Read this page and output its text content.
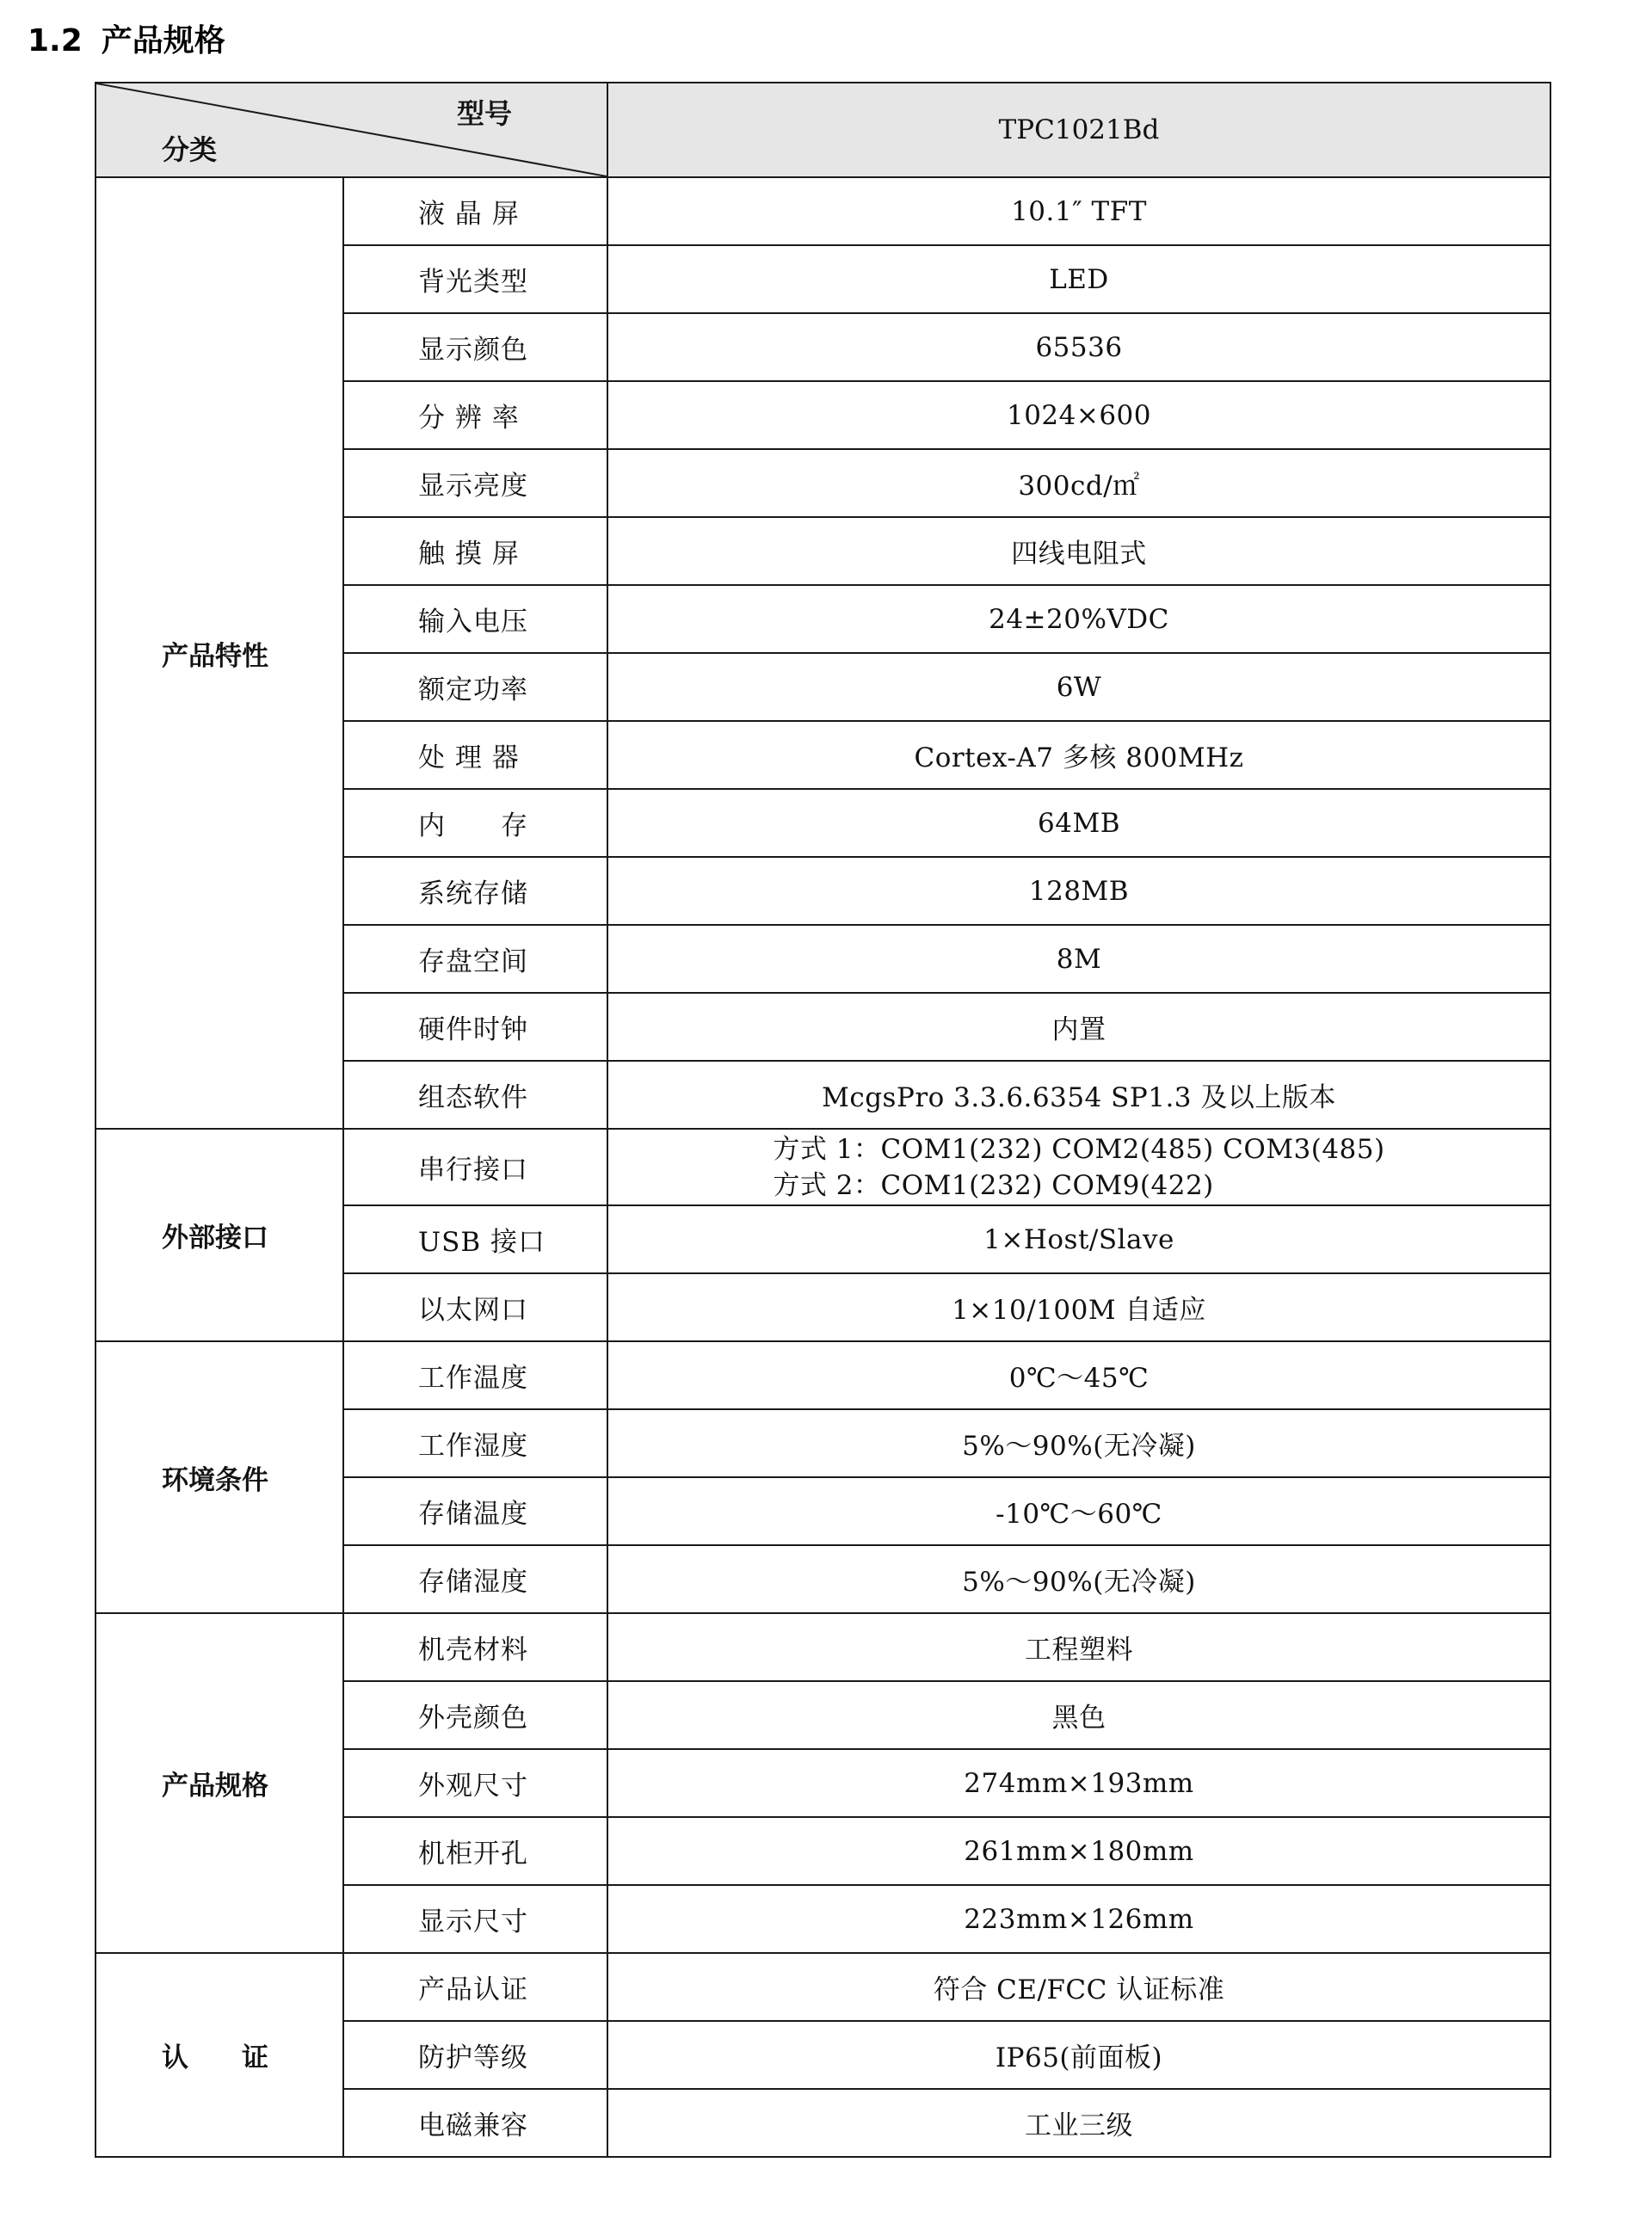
1.2 产品规格
型号
分类		TPC1021Bd
产品特性	液 晶 屏	10.1″ TFT
	背光类型	LED
	显示颜色	65536
	分 辨 率	1024×600
	显示亮度	300cd/㎡
	触 摸 屏	四线电阻式
	输入电压	24±20%VDC
	额定功率	6W
	处 理 器	Cortex-A7 多核 800MHz
	内　　存	64MB
	系统存储	128MB
	存盘空间	8M
	硬件时钟	内置
	组态软件	McgsPro 3.3.6.6354 SP1.3 及以上版本
外部接口	串行接口	方式 1：COM1(232) COM2(485) COM3(485)
方式 2：COM1(232) COM9(422)

	USB 接口	1×Host/Slave
	以太网口	1×10/100M 自适应
环境条件	工作温度	0℃～45℃
	工作湿度	5%～90%(无冷凝)
	存储温度	-10℃～60℃
	存储湿度	5%～90%(无冷凝)
产品规格	机壳材料	工程塑料
	外壳颜色	黑色
	外观尺寸	274mm×193mm
	机柜开孔	261mm×180mm
	显示尺寸	223mm×126mm
认　　证	产品认证	符合 CE/FCC 认证标准
	防护等级	IP65(前面板)
	电磁兼容	工业三级
